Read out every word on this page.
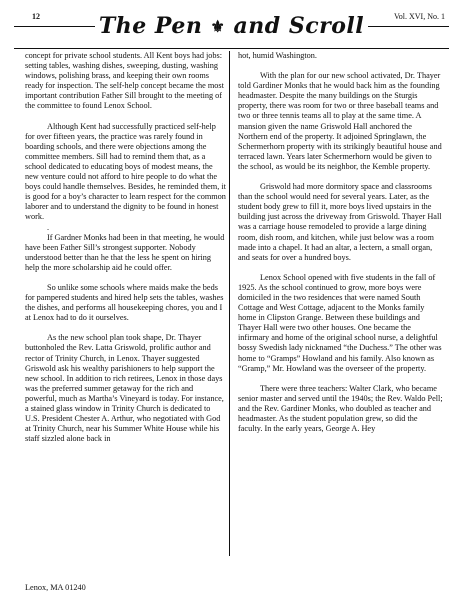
The Pen ⚜ and Scroll
12	Vol. XVI, No. 1

concept for private school students. All Kent boys had jobs: setting tables, washing dishes, sweeping, dusting, washing windows, polishing brass, and keeping their own rooms ready for inspection. The self-help concept became the most important contribution Father Sill brought to the meeting of the committee to found Lenox School.

Although Kent had successfully practiced self-help for over fifteen years, the practice was rarely found in boarding schools, and there were objections among the committee members. Sill had to remind them that, as a school dedicated to educating boys of modest means, the new venture could not afford to hire people to do what the boys could handle themselves. Besides, he reminded them, it is good for a boy’s character to learn respect for the common laborer and to understand the dignity to be found in honest work.

.

If Gardner Monks had been in that meeting, he would have been Father Sill’s strongest supporter. Nobody understood better than he that the less he spent on hiring help the more scholarship aid he could offer.

So unlike some schools where maids make the beds for pampered students and hired help sets the tables, washes the dishes, and performs all housekeeping chores, you and I at Lenox had to do it ourselves.

As the new school plan took shape, Dr. Thayer buttonholed the Rev. Latta Griswold, prolific author and rector of Trinity Church, in Lenox. Thayer suggested Griswold ask his wealthy parishioners to help support the new school. In addition to rich retirees, Lenox in those days was the preferred summer getaway for the rich and powerful, much as Martha’s Vineyard is today. For instance, a stained glass window in Trinity Church is dedicated to U.S. President Chester A. Arthur, who negotiated with God at Trinity Church, near his Summer White House while his staff sizzled alone back in

hot, humid Washington.

With the plan for our new school activated, Dr. Thayer told Gardiner Monks that he would back him as the founding headmaster. Despite the many buildings on the Sturgis property, there was room for two or three baseball teams and two or three tennis teams all to play at the same time. A mansion given the name Griswold Hall anchored the Northern end of the property. It adjoined Springlawn, the Schermerhorn property with its strikingly beautiful house and terraced lawn. Years later Schermerhorn would be given to the school, as would be its neighbor, the Kemble property.

Griswold had more dormitory space and classrooms than the school would need for several years. Later, as the student body grew to fill it, more boys lived upstairs in the building just across the driveway from Griswold. Thayer Hall was a carriage house remodeled to provide a large dining room, dish room, and kitchen, while just below was a room made into a chapel. It had an altar, a lectern, a small organ, and seats for over a hundred boys.

Lenox School opened with five students in the fall of 1925. As the school continued to grow, more boys were domiciled in the two residences that were named South Cottage and West Cottage, adjacent to the Monks family home in Clipston Grange. Between these buildings and Thayer Hall were two other houses. One became the infirmary and home of the original school nurse, a delightful bossy Swedish lady nicknamed “the Duchess.” The other was home to “Gramps” Howland and his family. Also known as “Gramp,” Mr. Howland was the overseer of the property.

There were three teachers: Walter Clark, who became senior master and served until the 1940s; the Rev. Waldo Pell; and the Rev. Gardiner Monks, who doubled as teacher and headmaster. As the student population grew, so did the faculty. In the early years, George A. Hey

Lenox, MA 01240
